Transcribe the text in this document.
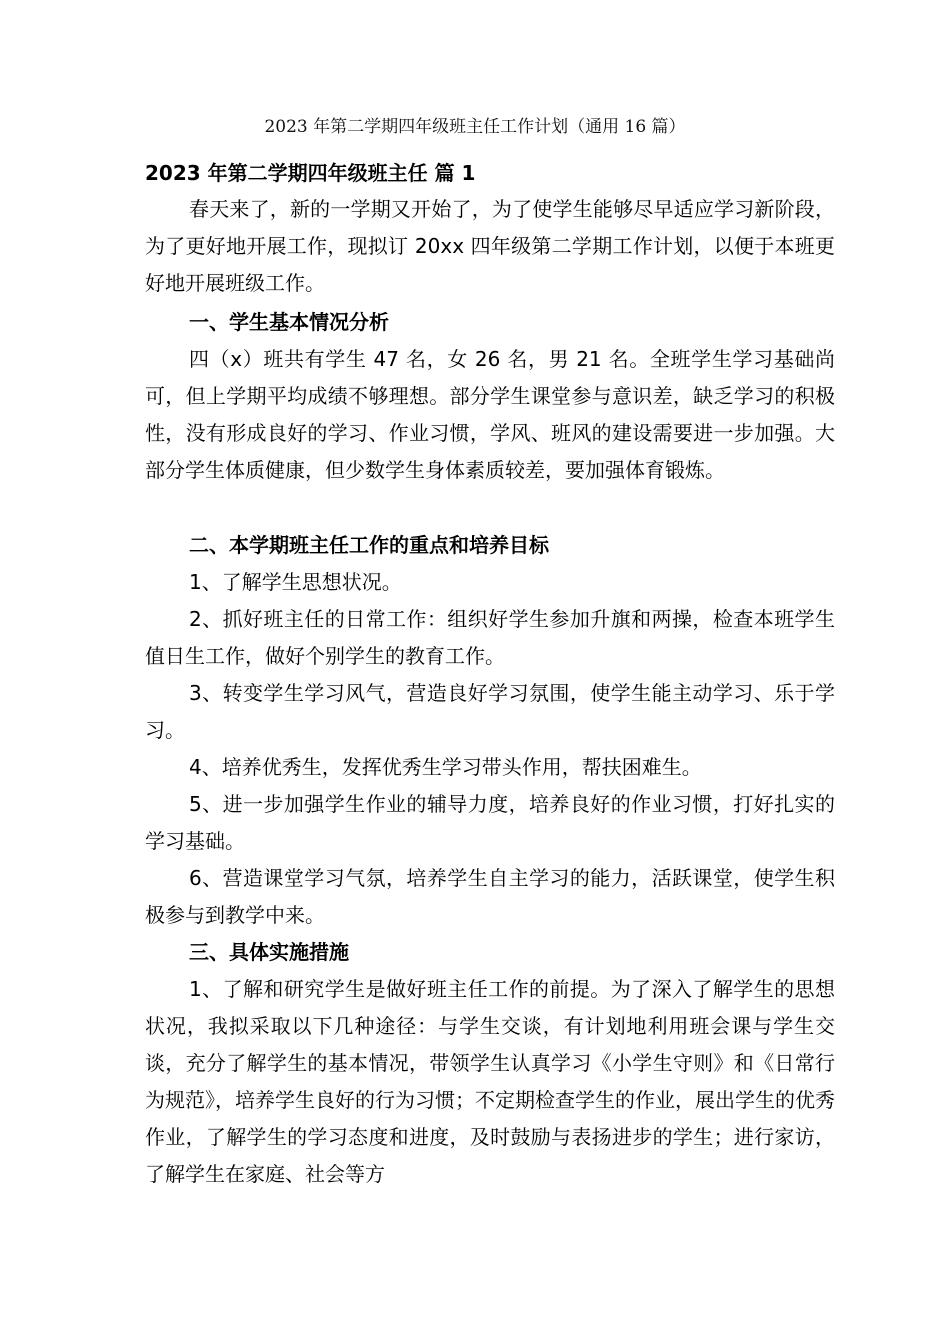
2023 年第二学期四年级班主任工作计划（通用 16 篇）
2023 年第二学期四年级班主任 篇 1

春天来了，新的一学期又开始了，为了使学生能够尽早适应学习新阶段，为了更好地开展工作，现拟订 20xx 四年级第二学期工作计划，以便于本班更好地开展班级工作。

一、学生基本情况分析

四（x）班共有学生 47 名，女 26 名，男 21 名。全班学生学习基础尚可，但上学期平均成绩不够理想。部分学生课堂参与意识差，缺乏学习的积极性，没有形成良好的学习、作业习惯，学风、班风的建设需要进一步加强。大部分学生体质健康，但少数学生身体素质较差，要加强体育锻炼。

二、本学期班主任工作的重点和培养目标

1、了解学生思想状况。

2、抓好班主任的日常工作：组织好学生参加升旗和两操，检查本班学生值日生工作，做好个别学生的教育工作。

3、转变学生学习风气，营造良好学习氛围，使学生能主动学习、乐于学习。

4、培养优秀生，发挥优秀生学习带头作用，帮扶困难生。

5、进一步加强学生作业的辅导力度，培养良好的作业习惯，打好扎实的学习基础。

6、营造课堂学习气氛，培养学生自主学习的能力，活跃课堂，使学生积极参与到教学中来。

三、具体实施措施

1、了解和研究学生是做好班主任工作的前提。为了深入了解学生的思想状况，我拟采取以下几种途径：与学生交谈，有计划地利用班会课与学生交谈，充分了解学生的基本情况，带领学生认真学习《小学生守则》和《日常行为规范》，培养学生良好的行为习惯；不定期检查学生的作业，展出学生的优秀作业，了解学生的学习态度和进度，及时鼓励与表扬进步的学生；进行家访，了解学生在家庭、社会等方
